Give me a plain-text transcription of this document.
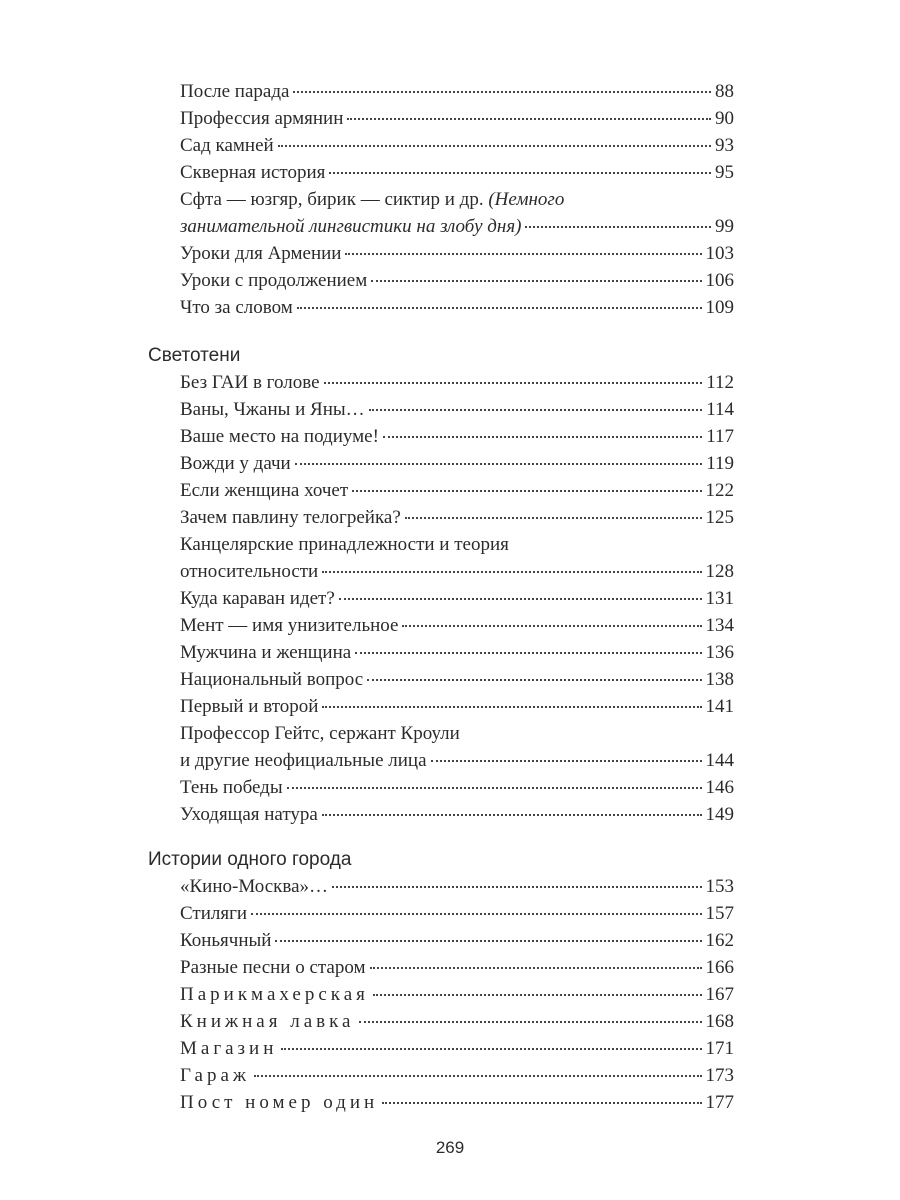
После парада	88
Профессия армянин	90
Сад камней	93
Скверная история	95
Сфта — юзгяр, бирик — сиктир и др.
(Немного
занимательной лингвистики на злобу дня)	99
Уроки для Армении	103
Уроки с продолжением	106
Что за словом	109
Светотени
Без ГАИ в голове	112
Ваны, Чжаны и Яны…	114
Ваше место на подиуме!	117
Вожди у дачи	119
Если женщина хочет	122
Зачем павлину телогрейка?	125
Канцелярские принадлежности и теория
относительности	128
Куда караван идет?	131
Мент — имя унизительное	134
Мужчина и женщина	136
Национальный вопрос	138
Первый и второй	141
Профессор Гейтс, сержант Кроули
и другие неофициальные лица	144
Тень победы	146
Уходящая натура	149
Истории одного города
«Кино-Москва»…	153
Стиляги	157
Коньячный	162
Разные песни о старом	166
Парикмахерская	167
Книжная лавка	168
Магазин	171
Гараж	173
Пост номер один	177
269
